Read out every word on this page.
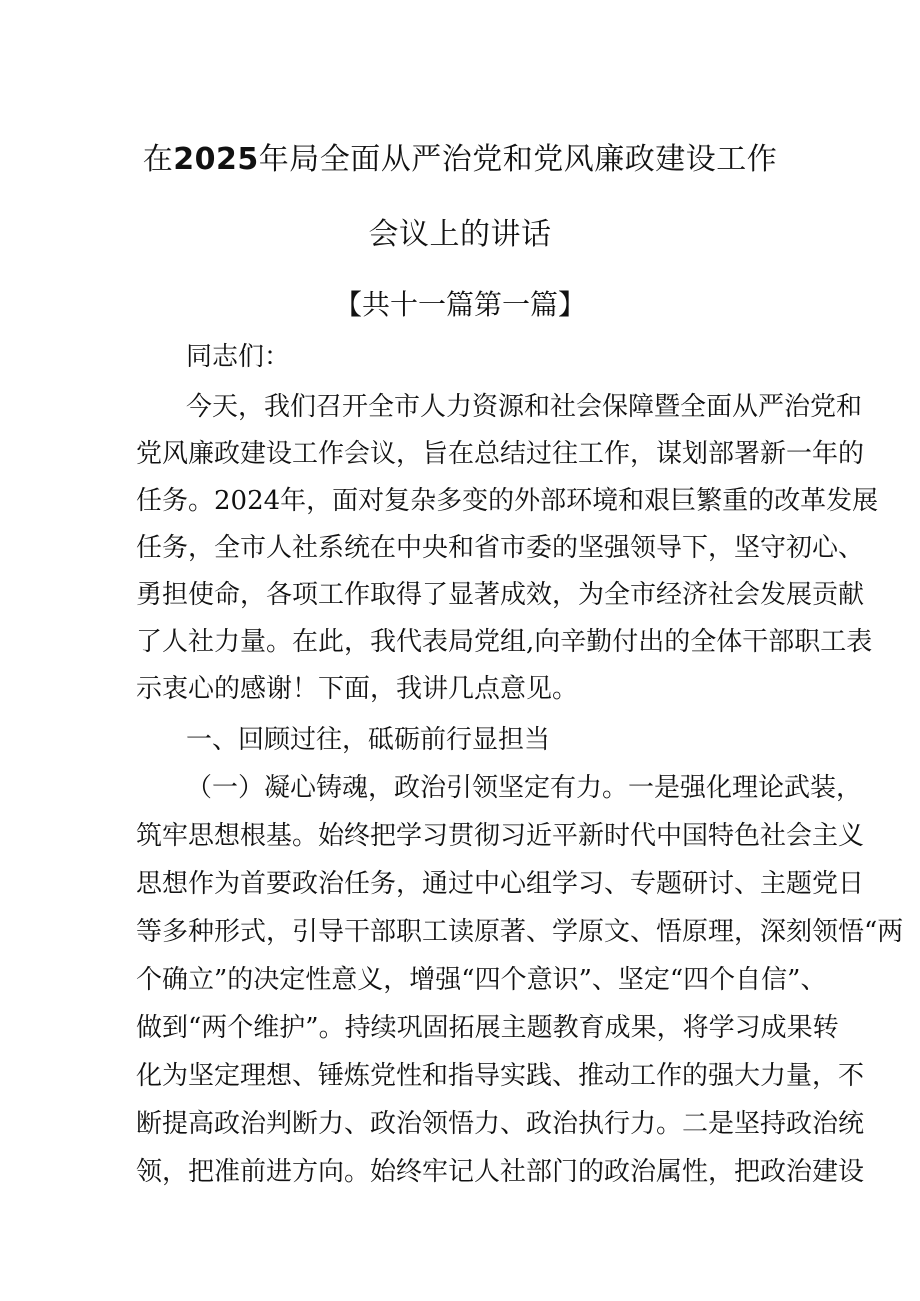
在2025年局全面从严治党和党风廉政建设工作
会议上的讲话
【共十一篇第一篇】
同志们：
今天，我们召开全市人力资源和社会保障暨全面从严治党和
党风廉政建设工作会议，旨在总结过往工作，谋划部署新一年的
任务。2024年，面对复杂多变的外部环境和艰巨繁重的改革发展
任务，全市人社系统在中央和省市委的坚强领导下，坚守初心、
勇担使命，各项工作取得了显著成效，为全市经济社会发展贡献
了人社力量。在此，我代表局党组,向辛勤付出的全体干部职工表
示衷心的感谢！下面，我讲几点意见。
一、回顾过往，砥砺前行显担当
（一）凝心铸魂，政治引领坚定有力。一是强化理论武装，
筑牢思想根基。始终把学习贯彻习近平新时代中国特色社会主义
思想作为首要政治任务，通过中心组学习、专题研讨、主题党日
等多种形式，引导干部职工读原著、学原文、悟原理，深刻领悟“两
个确立”的决定性意义，增强“四个意识”、坚定“四个自信”、
做到“两个维护”。持续巩固拓展主题教育成果，将学习成果转
化为坚定理想、锤炼党性和指导实践、推动工作的强大力量，不
断提高政治判断力、政治领悟力、政治执行力。二是坚持政治统
领，把准前进方向。始终牢记人社部门的政治属性，把政治建设
